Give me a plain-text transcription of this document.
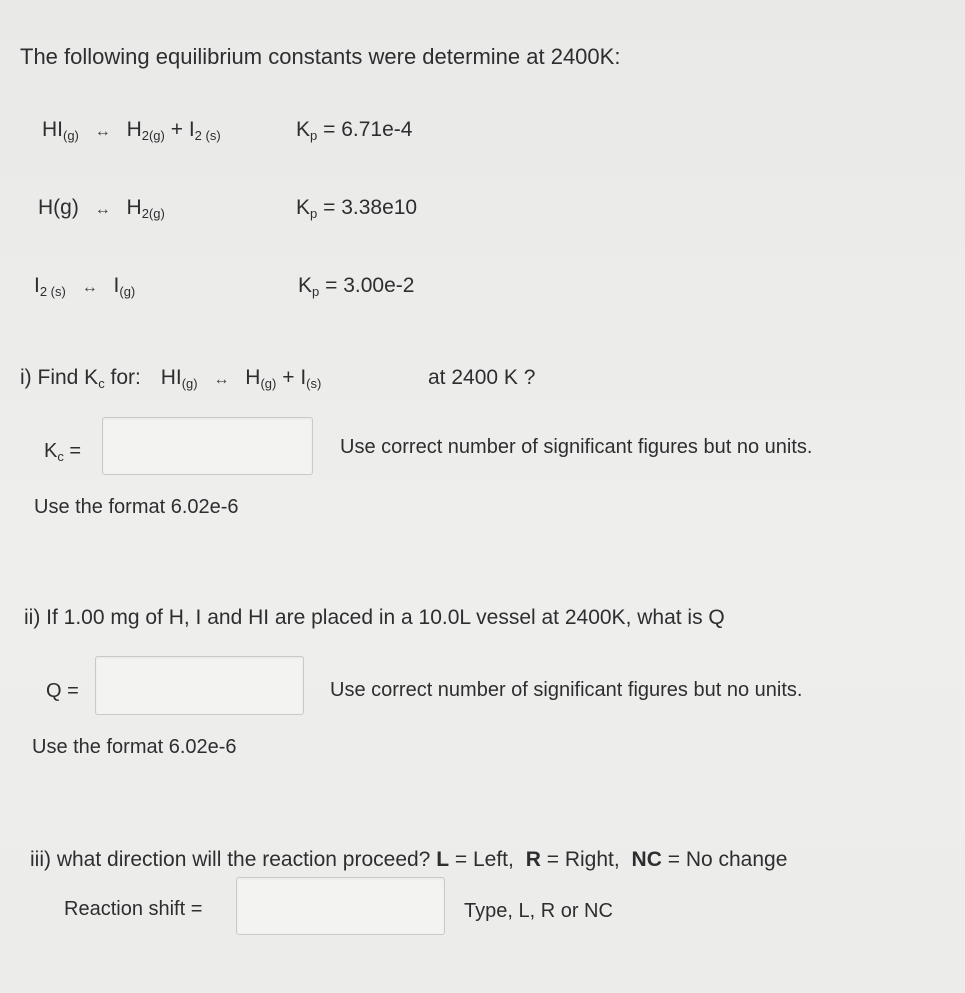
The following equilibrium constants were determine at 2400K:
$HI_{(g)}$ ↔ $H_{2(g)} + I_{2 (s)}$	$K_p = 6.71e-4$
H(g) ↔ $H_{2(g)}$	$K_p = 3.38e10$
$I_{2 (s)}$ ↔ $I_{(g)}$	$K_p = 3.00e-2$
i) Find $K_c$ for: $HI_{(g)}$ ↔ $H_{(g)} + I_{(s)}$	at 2400 K ?
$K_c$ =	Use correct number of significant figures but no units.
Use the format 6.02e-6
ii) If 1.00 mg of H, I and HI are placed in a 10.0L vessel at 2400K, what is Q
Q =	Use correct number of significant figures but no units.
Use the format 6.02e-6
iii) what direction will the reaction proceed? L = Left, R = Right, NC = No change
Reaction shift =	Type, L, R or NC
